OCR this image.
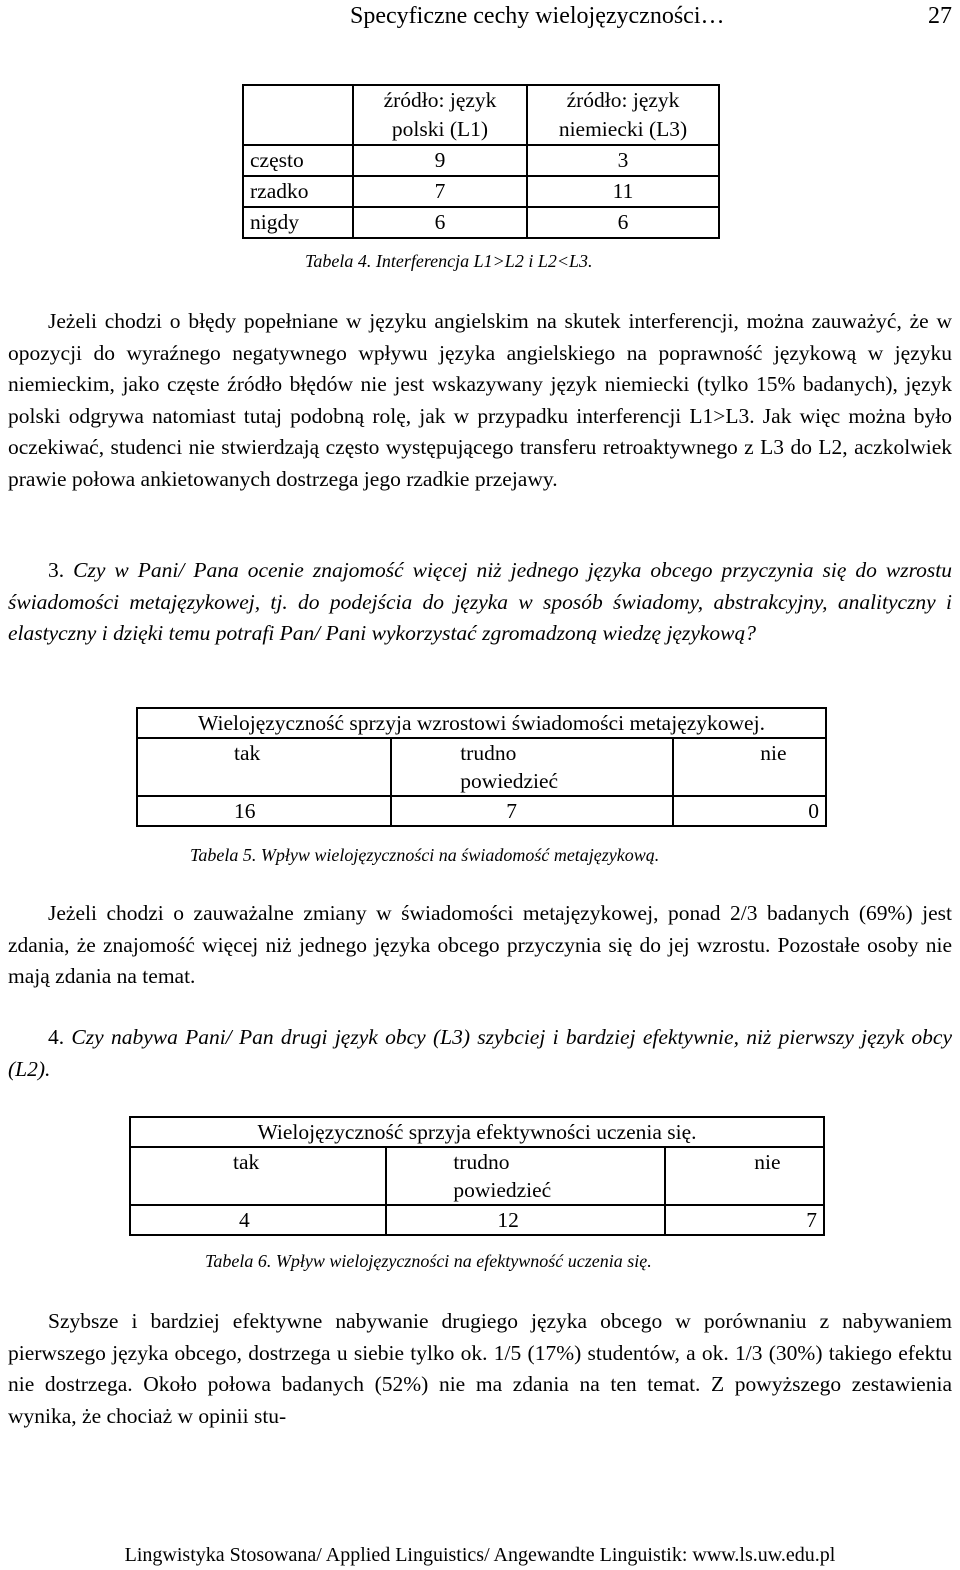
Specyficzne cechy wielojęzyczności…	27
	źródło: język polski (L1)	źródło: język niemiecki (L3)
często	9	3
rzadko	7	11
nigdy	6	6
Tabela 4. Interferencja L1>L2 i L2<L3.

Jeżeli chodzi o błędy popełniane w języku angielskim na skutek interferencji, można zauważyć, że w opozycji do wyraźnego negatywnego wpływu języka angielskiego na poprawność językową w języku niemieckim, jako częste źródło błędów nie jest wskazywany język niemiecki (tylko 15% badanych), język polski odgrywa natomiast tutaj podobną rolę, jak w przypadku interferencji L1>L3. Jak więc można było oczekiwać, studenci nie stwierdzają często występującego transferu retroaktywnego z L3 do L2, aczkolwiek prawie połowa ankietowanych dostrzega jego rzadkie przejawy.

3. Czy w Pani/ Pana ocenie znajomość więcej niż jednego języka obcego przyczynia się do wzrostu świadomości metajęzykowej, tj. do podejścia do języka w sposób świadomy, abstrakcyjny, analityczny i elastyczny i dzięki temu potrafi Pan/ Pani wykorzystać zgromadzoną wiedzę językową?

Wielojęzyczność sprzyja wzrostowi świadomości metajęzykowej.		
tak	trudno powiedzieć	nie
16	7	0
Tabela 5. Wpływ wielojęzyczności na świadomość metajęzykową.

Jeżeli chodzi o zauważalne zmiany w świadomości metajęzykowej, ponad 2/3 badanych (69%) jest zdania, że znajomość więcej niż jednego języka obcego przyczynia się do jej wzrostu. Pozostałe osoby nie mają zdania na temat.

4. Czy nabywa Pani/ Pan drugi język obcy (L3) szybciej i bardziej efektywnie, niż pierwszy język obcy (L2).

Wielojęzyczność sprzyja efektywności uczenia się.		
tak	trudno powiedzieć	nie
4	12	7
Tabela 6. Wpływ wielojęzyczności na efektywność uczenia się.

Szybsze i bardziej efektywne nabywanie drugiego języka obcego w porównaniu z nabywaniem pierwszego języka obcego, dostrzega u siebie tylko ok. 1/5 (17%) studentów, a ok. 1/3 (30%) takiego efektu nie dostrzega. Około połowa badanych (52%) nie ma zdania na ten temat. Z powyższego zestawienia wynika, że chociaż w opinii stu-

Lingwistyka Stosowana/ Applied Linguistics/ Angewandte Linguistik: www.ls.uw.edu.pl
